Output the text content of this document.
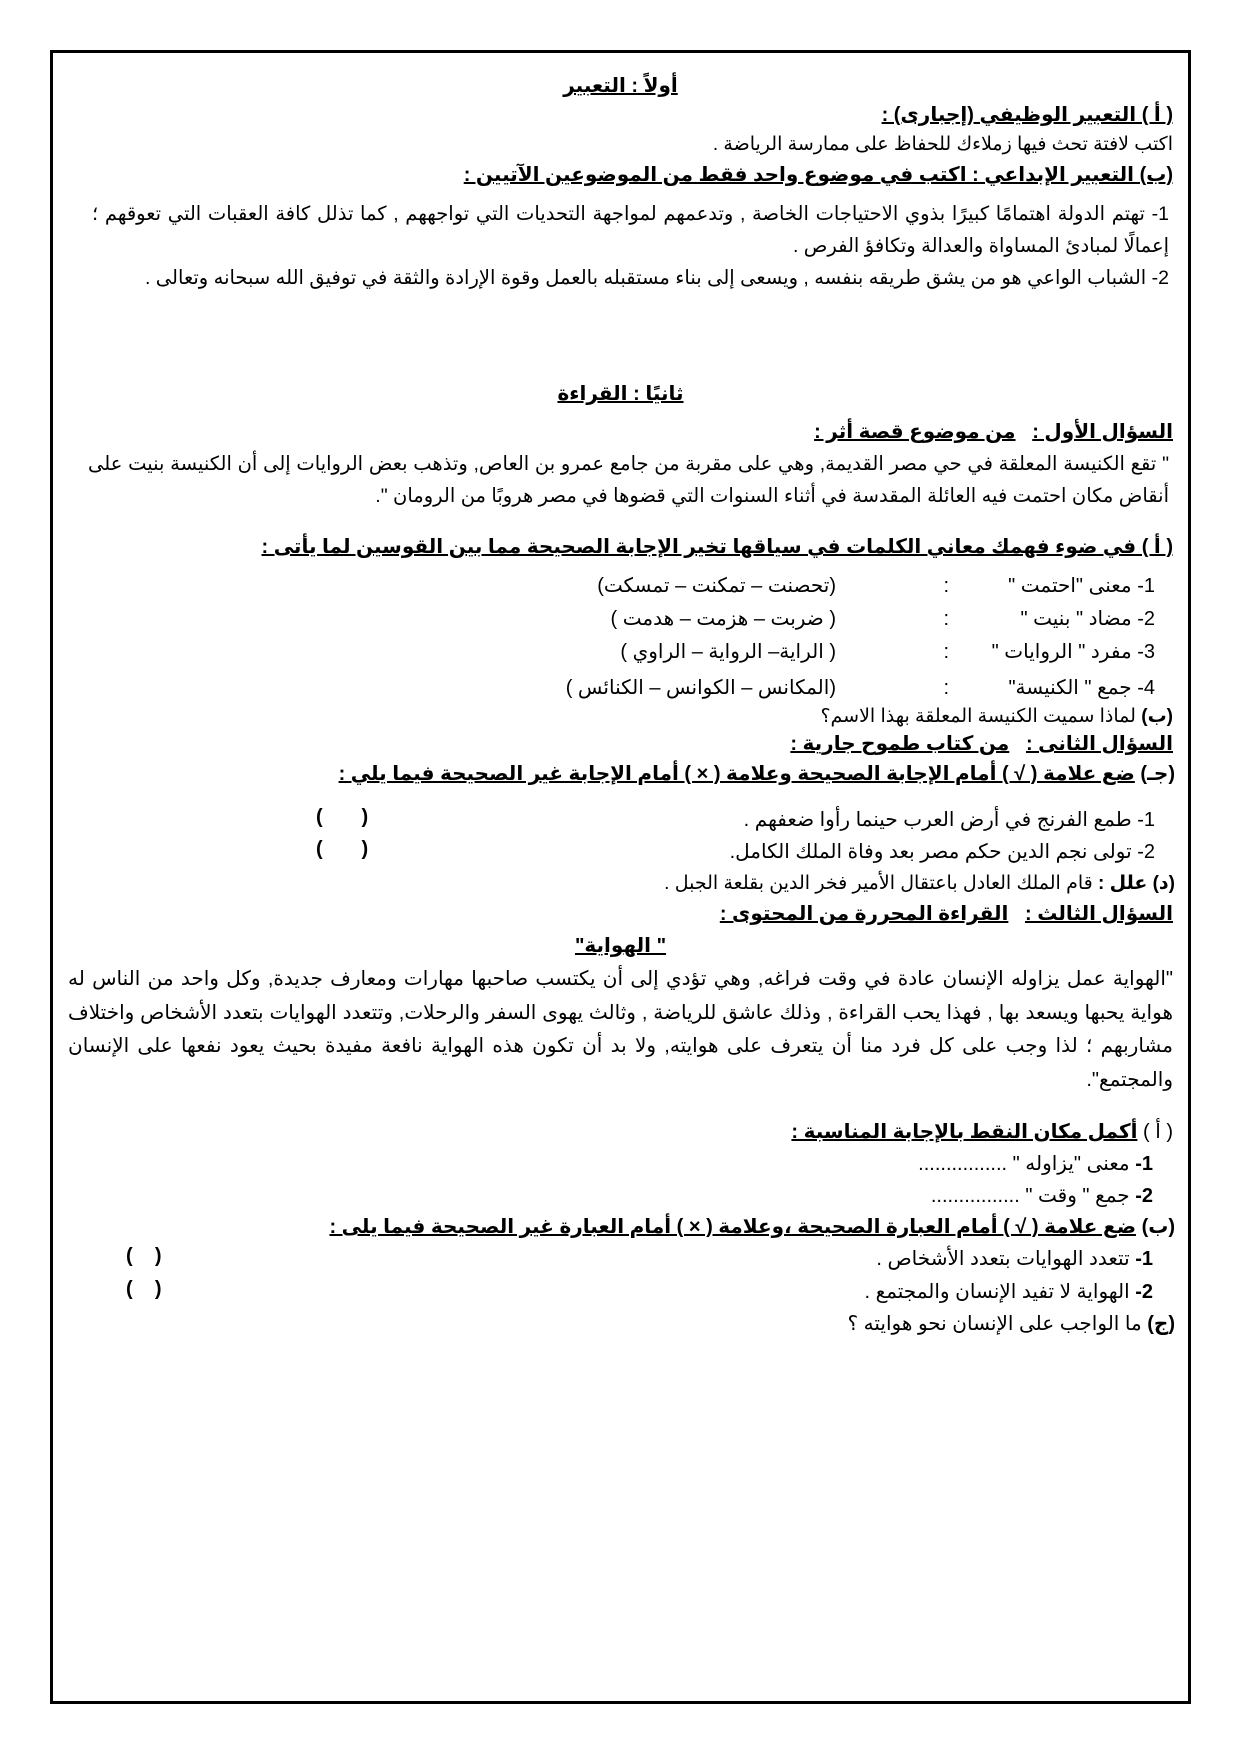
أولاً : التعبير
( أ ) التعبير الوظيفي (إجبارى) :
اكتب لافتة تحث فيها زملاءك للحفاظ على ممارسة الرياضة .
(ب) التعبير الإبداعي : اكتب في موضوع واحد فقط من الموضوعين الآتيين :
1- تهتم الدولة اهتمامًا كبيرًا بذوي الاحتياجات الخاصة , وتدعمهم لمواجهة التحديات التي تواجههم , كما تذلل كافة العقبات التي تعوقهم ؛ إعمالًا لمبادئ المساواة والعدالة وتكافؤ الفرص .
2- الشباب الواعي هو من يشق طريقه بنفسه , ويسعى إلى بناء مستقبله بالعمل وقوة الإرادة والثقة في توفيق الله سبحانه وتعالى .
ثانيًا : القراءة
السؤال الأول :   من موضوع قصة أثر :
" تقع الكنيسة المعلقة في حي مصر القديمة, وهي على مقربة من جامع عمرو بن العاص, وتذهب بعض الروايات إلى أن الكنيسة بنيت على أنقاض مكان احتمت فيه العائلة المقدسة في أثناء السنوات التي قضوها في مصر هروبًا من الرومان ".
( أ ) في ضوء فهمك معاني الكلمات في سياقها تخير الإجابة الصحيحة مما بين القوسين لما يأتى :
1- معنى "احتمت "
:
(تحصنت – تمكنت – تمسكت)
2- مضاد " بنيت "
:
( ضربت – هزمت – هدمت )
3- مفرد " الروايات "
:
( الراية– الرواية – الراوي )
4- جمع " الكنيسة"
:
(المكانس – الكوانس – الكنائس )
(ب) لماذا سميت الكنيسة المعلقة بهذا الاسم؟
السؤال الثانى :   من كتاب طموح جارية :
(جـ) ضع علامة ( √ ) أمام الإجابة الصحيحة وعلامة ( × ) أمام الإجابة غير الصحيحة فيما يلي :
1- طمع الفرنج في أرض العرب حينما رأوا ضعفهم .
(       )
2- تولى نجم الدين حكم مصر بعد وفاة الملك الكامل.
(       )
(د) علل : قام الملك العادل باعتقال الأمير فخر الدين بقلعة الجبل .
السؤال الثالث :   القراءة المحررة من المحتوى :
" الهواية"
"الهواية عمل يزاوله الإنسان عادة في وقت فراغه, وهي تؤدي إلى أن يكتسب صاحبها مهارات ومعارف جديدة, وكل واحد من الناس له هواية يحبها ويسعد بها , فهذا يحب القراءة , وذلك عاشق للرياضة , وثالث يهوى السفر والرحلات, وتتعدد الهوايات بتعدد الأشخاص واختلاف مشاربهم ؛ لذا وجب على كل فرد منا أن يتعرف على هوايته, ولا بد أن تكون هذه الهواية نافعة مفيدة بحيث يعود نفعها على الإنسان والمجتمع".
( أ ) أكمل مكان النقط بالإجابة المناسبة :
1- معنى "يزاوله " ................
2- جمع " وقت " ................
(ب) ضع علامة ( √ ) أمام العبارة الصحيحة ،وعلامة ( × ) أمام العبارة غير الصحيحة فيما يلى :
1- تتعدد الهوايات بتعدد الأشخاص .
(    )
2- الهواية لا تفيد الإنسان والمجتمع .
(    )
(ج) ما الواجب على الإنسان نحو هوايته ؟
